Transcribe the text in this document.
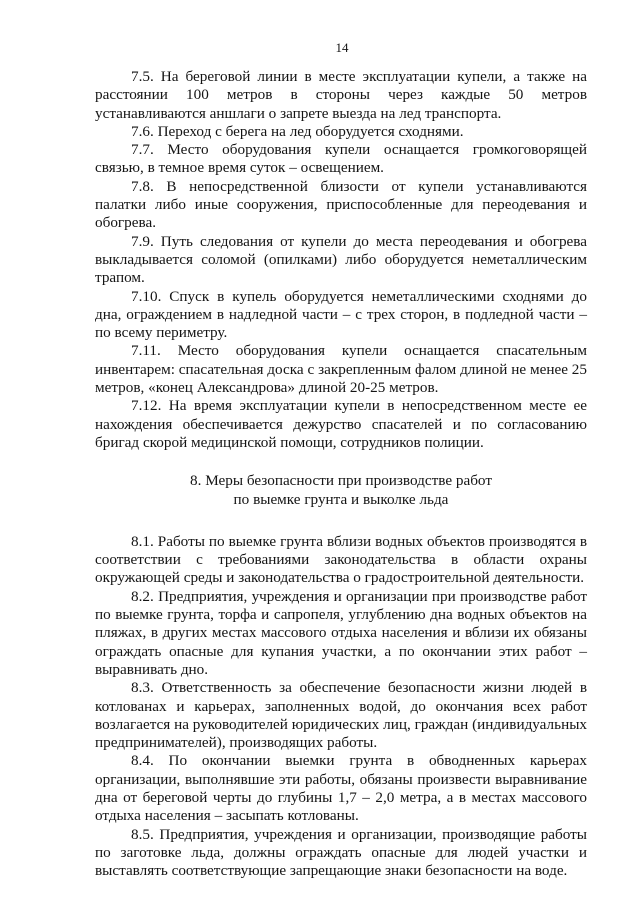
14

7.5. На береговой линии в месте эксплуатации купели, а также на расстоянии 100 метров в стороны через каждые 50 метров устанавливаются аншлаги о запрете выезда на лед транспорта.

7.6. Переход с берега на лед оборудуется сходнями.

7.7. Место оборудования купели оснащается громкоговорящей связью, в темное время суток – освещением.

7.8. В непосредственной близости от купели устанавливаются палатки либо иные сооружения, приспособленные для переодевания и обогрева.

7.9. Путь следования от купели до места переодевания и обогрева выкладывается соломой (опилками) либо оборудуется неметаллическим трапом.

7.10. Спуск в купель оборудуется неметаллическими сходнями до дна, ограждением в надледной части – с трех сторон, в подледной части – по всему периметру.

7.11. Место оборудования купели оснащается спасательным инвентарем: спасательная доска с закрепленным фалом длиной не менее 25 метров, «конец Александрова» длиной 20-25 метров.

7.12. На время эксплуатации купели в непосредственном месте ее нахождения обеспечивается дежурство спасателей и по согласованию бригад скорой медицинской помощи, сотрудников полиции.

8. Меры безопасности при производстве работ
по выемке грунта и выколке льда

8.1. Работы по выемке грунта вблизи водных объектов производятся в соответствии с требованиями законодательства в области охраны окружающей среды и законодательства о градостроительной деятельности.

8.2. Предприятия, учреждения и организации при производстве работ по выемке грунта, торфа и сапропеля, углублению дна водных объектов на пляжах, в других местах массового отдыха населения и вблизи их обязаны ограждать опасные для купания участки, а по окончании этих работ – выравнивать дно.

8.3. Ответственность за обеспечение безопасности жизни людей в котлованах и карьерах, заполненных водой, до окончания всех работ возлагается на руководителей юридических лиц, граждан (индивидуальных предпринимателей), производящих работы.

8.4. По окончании выемки грунта в обводненных карьерах организации, выполнявшие эти работы, обязаны произвести выравнивание дна от береговой черты до глубины 1,7 – 2,0 метра, а в местах массового отдыха населения – засыпать котлованы.

8.5. Предприятия, учреждения и организации, производящие работы по заготовке льда, должны ограждать опасные для людей участки и выставлять соответствующие запрещающие знаки безопасности на воде.
